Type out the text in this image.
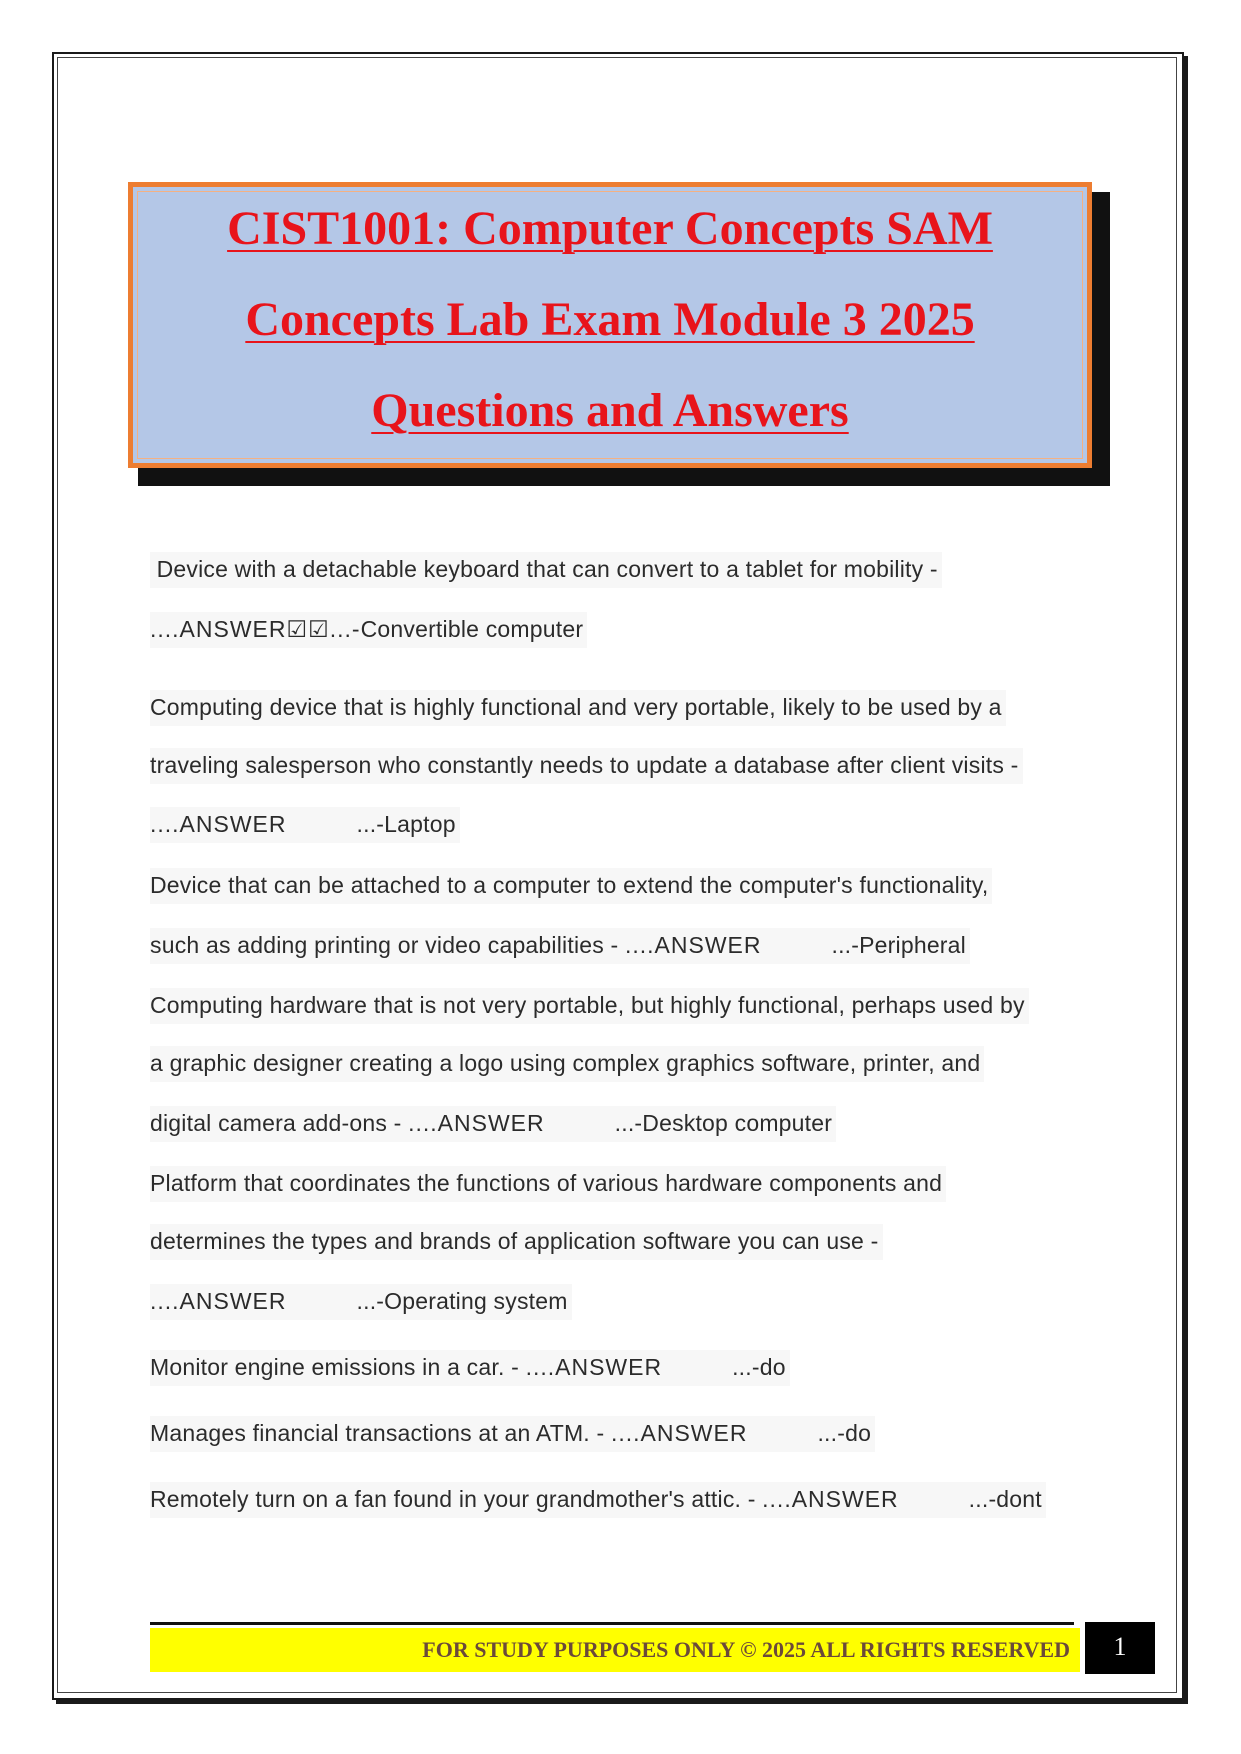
CIST1001: Computer Concepts SAM
Concepts Lab Exam Module 3 2025
Questions and Answers
Device with a detachable keyboard that can convert to a tablet for mobility -
....ANSWER☑☑...-Convertible computer
Computing device that is highly functional and very portable, likely to be used by a
traveling salesperson who constantly needs to update a database after client visits -
....ANSWER	...-Laptop
Device that can be attached to a computer to extend the computer's functionality,
such as adding printing or video capabilities - ....ANSWER	...-Peripheral
Computing hardware that is not very portable, but highly functional, perhaps used by
a graphic designer creating a logo using complex graphics software, printer, and
digital camera add-ons - ....ANSWER	...-Desktop computer
Platform that coordinates the functions of various hardware components and
determines the types and brands of application software you can use -
....ANSWER	...-Operating system
Monitor engine emissions in a car. - ....ANSWER	...-do
Manages financial transactions at an ATM. - ....ANSWER	...-do
Remotely turn on a fan found in your grandmother's attic. - ....ANSWER	...-dont
FOR STUDY PURPOSES ONLY © 2025 ALL RIGHTS RESERVED	1
